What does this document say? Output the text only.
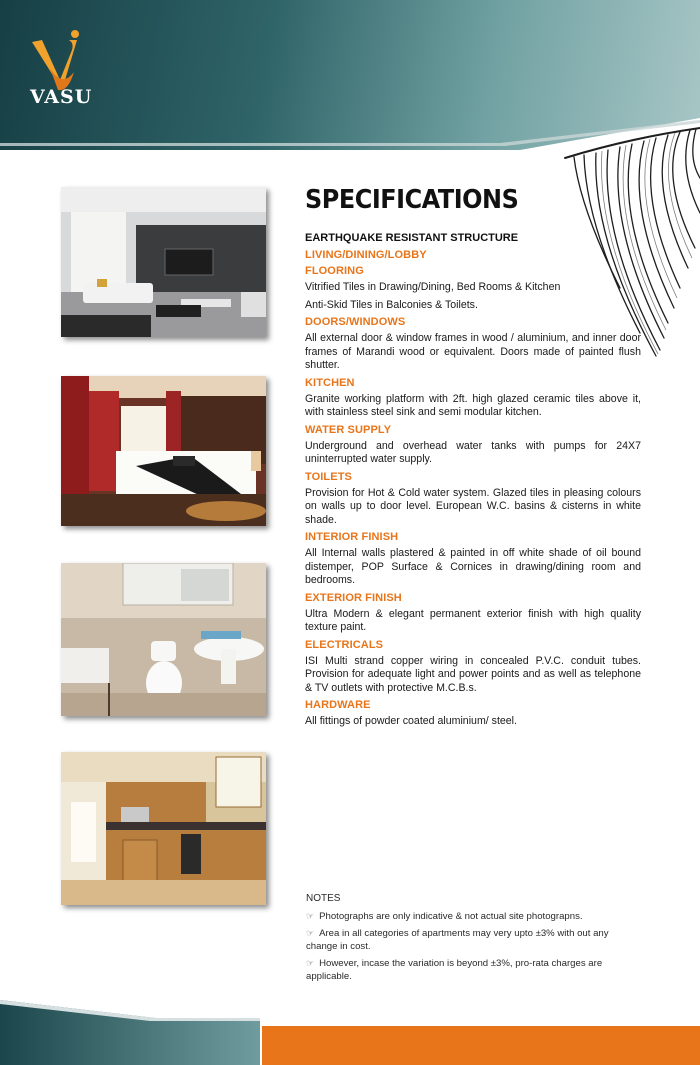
VASU
SPECIFICATIONS
EARTHQUAKE RESISTANT STRUCTURE
LIVING/DINING/LOBBY
FLOORING
Vitrified Tiles in Drawing/Dining, Bed Rooms & Kitchen
Anti-Skid Tiles in Balconies & Toilets.
DOORS/WINDOWS
All external door & window frames in wood / aluminium, and inner door frames of Marandi wood or equivalent. Doors made of painted flush shutter.
KITCHEN
Granite working platform with 2ft. high glazed ceramic tiles above it, with stainless steel sink and semi modular kitchen.
WATER SUPPLY
Underground and overhead water tanks with pumps for 24X7 uninterrupted water supply.
TOILETS
Provision for Hot & Cold water system. Glazed tiles in pleasing colours on walls up to door level. European W.C. basins & cisterns in white shade.
INTERIOR FINISH
All Internal walls plastered & painted in off white shade of oil bound distemper, POP Surface & Cornices in drawing/dining room and bedrooms.
EXTERIOR FINISH
Ultra Modern & elegant permanent exterior finish with high quality texture paint.
ELECTRICALS
ISI Multi strand copper wiring in concealed P.V.C. conduit tubes. Provision for adequate light and power points and as well as telephone & TV outlets with protective M.C.B.s.
HARDWARE
All fittings of powder coated aluminium/ steel.
NOTES
☞ Photographs are only indicative & not actual site photograpns.
☞ Area in all categories of apartments may very upto ±3% with out any change in cost.
☞ However, incase the variation is beyond ±3%, pro-rata charges are applicable.
